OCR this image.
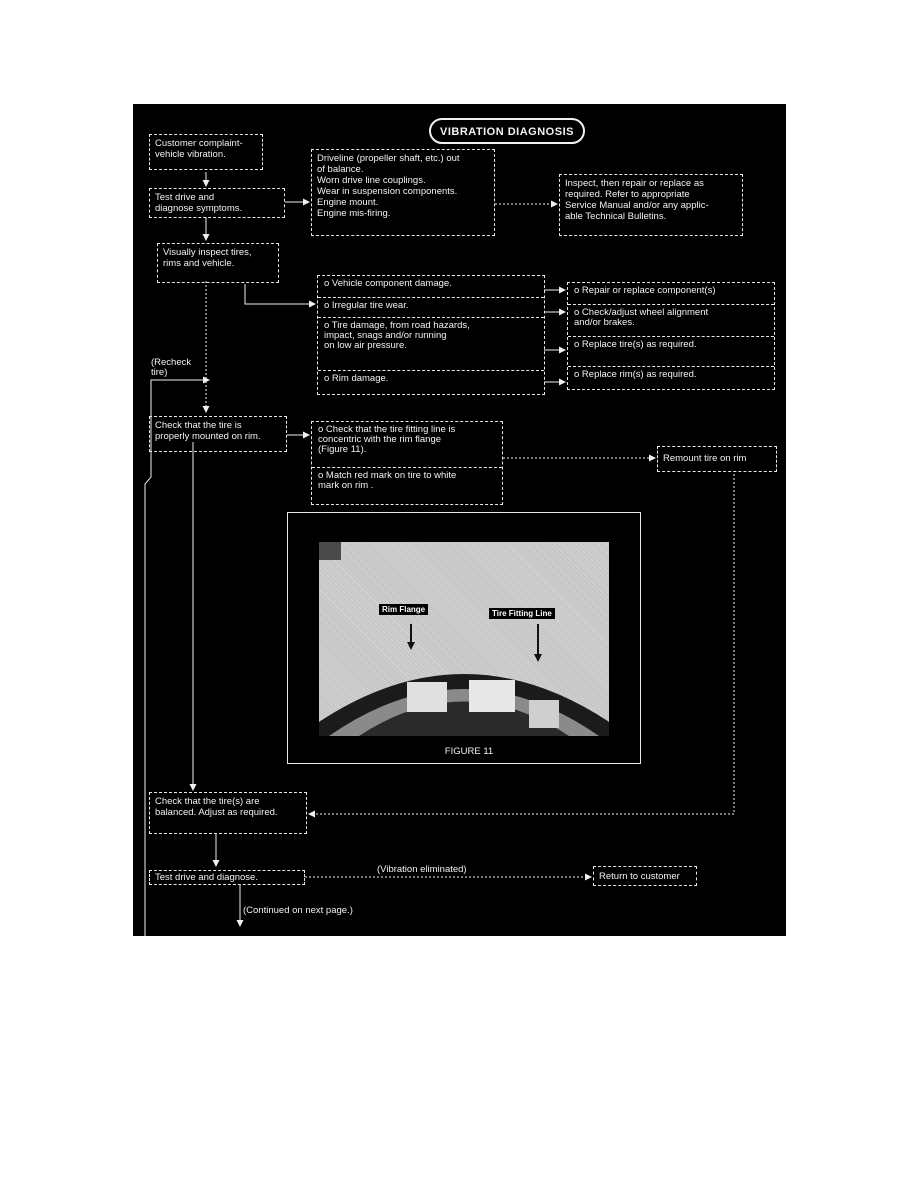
VIBRATION DIAGNOSIS
Customer complaint-
vehicle vibration.
Test drive and
diagnose symptoms.
Driveline (propeller shaft, etc.) out
of balance.
Worn drive line couplings.
Wear in suspension components.
Engine mount.
Engine mis-firing.
Inspect, then repair or replace as
required. Refer to appropriate
Service Manual and/or any applic-
able Technical Bulletins.
Visually inspect tires,
rims and vehicle.
o Vehicle component damage.
o Irregular tire wear.
o Tire damage, from road hazards,
impact, snags and/or running
on low air pressure.
o Rim damage.
o Repair or replace component(s)
o Check/adjust wheel alignment
and/or brakes.
o Replace tire(s) as required.
o Replace rim(s) as required.
(Recheck
tire)
Check that the tire is
properly mounted on rim.
o Check that the tire fitting line is
concentric with the rim flange
(Figure 11).
o Match red mark on tire to white
mark on rim .
Remount tire on rim
Rim Flange	Tire Fitting Line
FIGURE 11
Check that the tire(s) are
balanced. Adjust as required.
(Vibration eliminated)
Test drive and diagnose.	Return to customer
(Continued on next page.)
